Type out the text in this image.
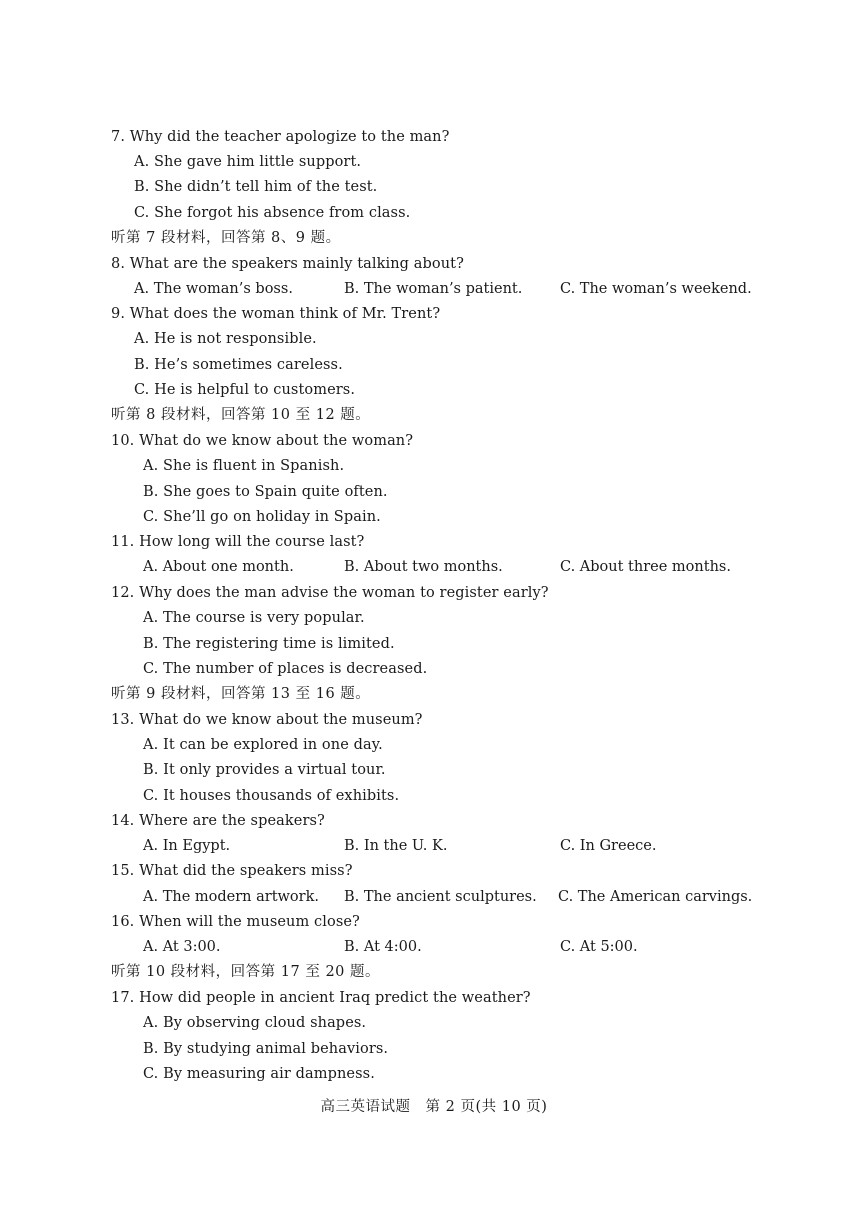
7. Why did the teacher apologize to the man?
A. She gave him little support.
B. She didn’t tell him of the test.
C. She forgot his absence from class.
听第 7 段材料，回答第 8、9 题。
8. What are the speakers mainly talking about?
A. The woman’s boss.	B. The woman’s patient.	C. The woman’s weekend.
9. What does the woman think of Mr. Trent?
A. He is not responsible.
B. He’s sometimes careless.
C. He is helpful to customers.
听第 8 段材料，回答第 10 至 12 题。
10. What do we know about the woman?
A. She is fluent in Spanish.
B. She goes to Spain quite often.
C. She’ll go on holiday in Spain.
11. How long will the course last?
A. About one month.	B. About two months.	C. About three months.
12. Why does the man advise the woman to register early?
A. The course is very popular.
B. The registering time is limited.
C. The number of places is decreased.
听第 9 段材料，回答第 13 至 16 题。
13. What do we know about the museum?
A. It can be explored in one day.
B. It only provides a virtual tour.
C. It houses thousands of exhibits.
14. Where are the speakers?
A. In Egypt.	B. In the U. K.	C. In Greece.
15. What did the speakers miss?
A. The modern artwork. B. The ancient sculptures. C. The American carvings.
16. When will the museum close?
A. At 3:00.	B. At 4:00.	C. At 5:00.
听第 10 段材料，回答第 17 至 20 题。
17. How did people in ancient Iraq predict the weather?
A. By observing cloud shapes.
B. By studying animal behaviors.
C. By measuring air dampness.
高三英语试题　第 2 页(共 10 页)
